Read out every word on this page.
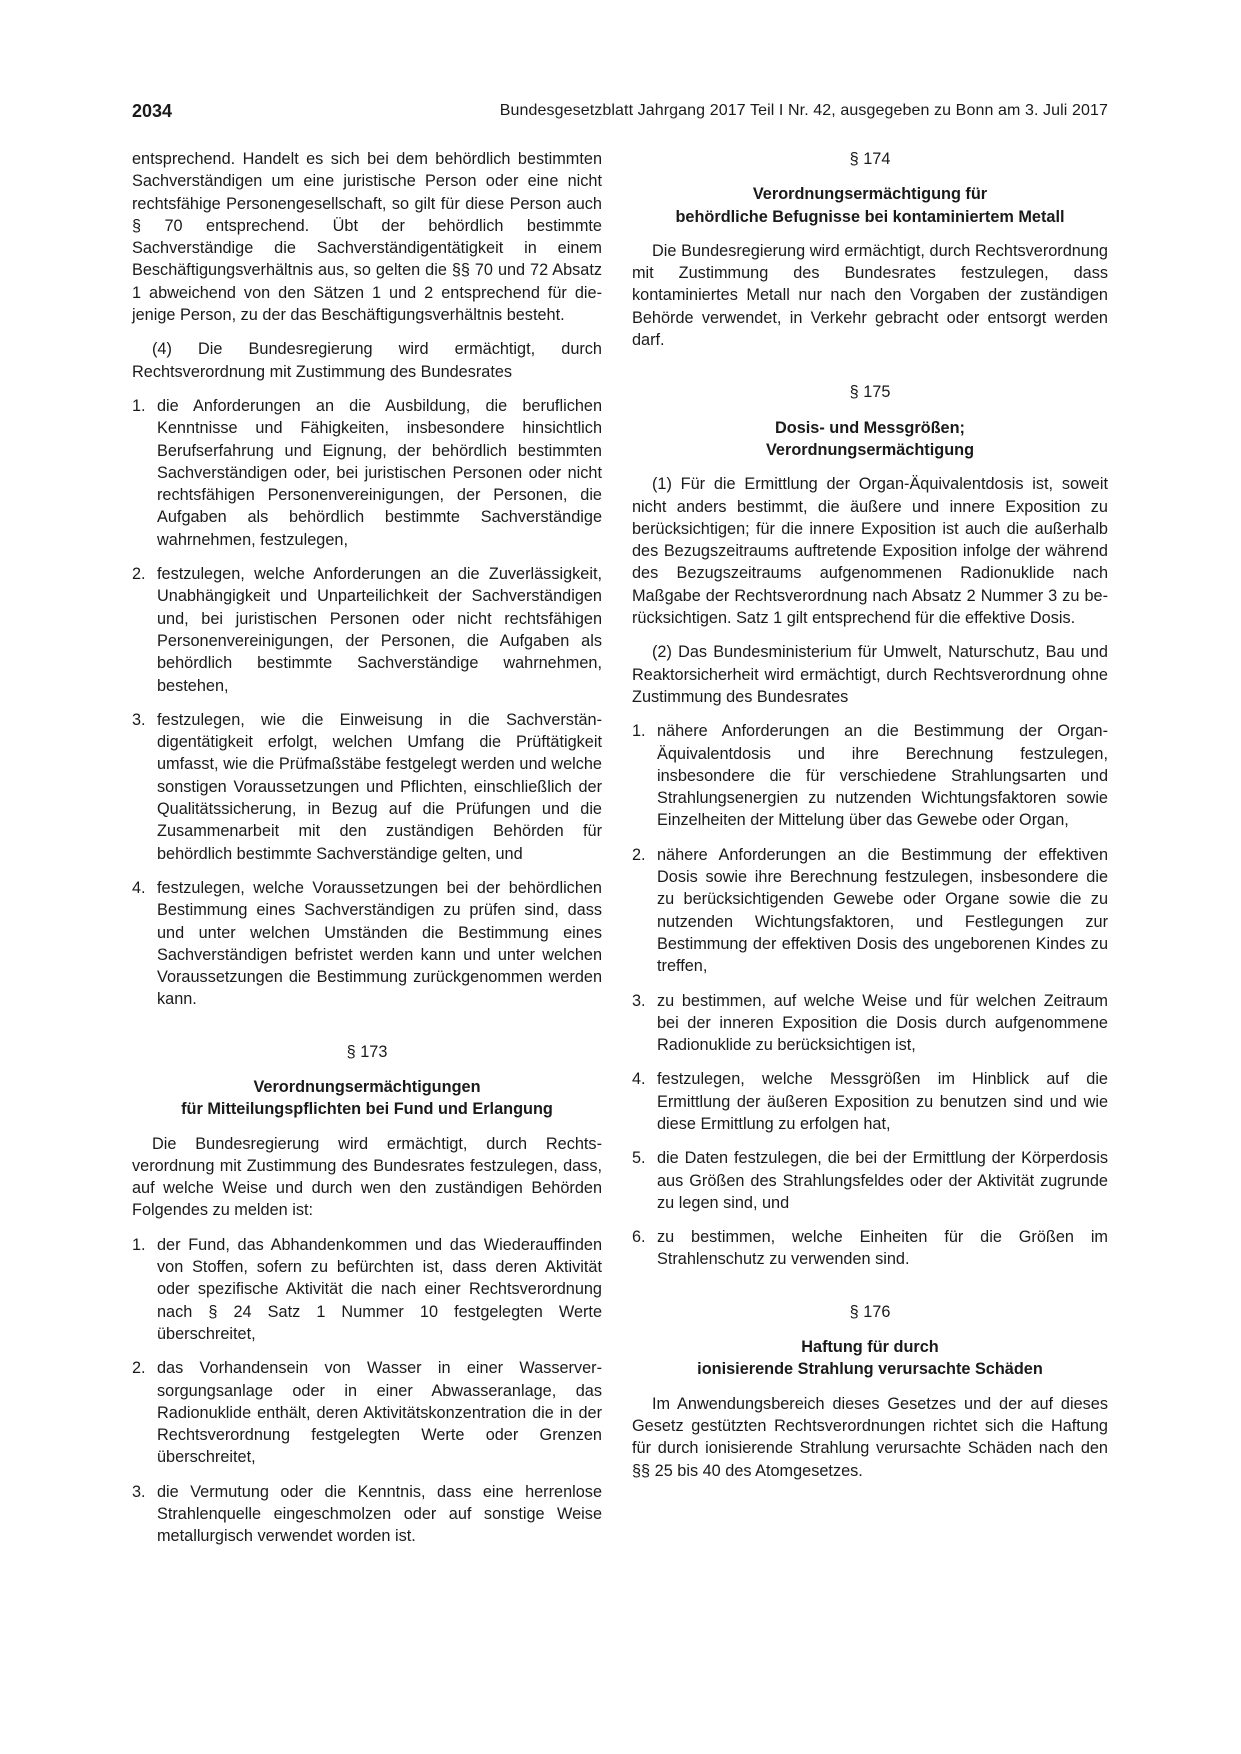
2034	Bundesgesetzblatt Jahrgang 2017 Teil I Nr. 42, ausgegeben zu Bonn am 3. Juli 2017

entsprechend. Handelt es sich bei dem behördlich bestimmten Sachverständigen um eine juristische Person oder eine nicht rechtsfähige Personengesellschaft, so gilt für diese Person auch § 70 entsprechend. Übt der behördlich bestimmte Sachverständige die Sachverständigentätigkeit in einem Beschäftigungsverhältnis aus, so gelten die §§ 70 und 72 Absatz 1 abweichend von den Sätzen 1 und 2 entsprechend für diejenige Person, zu der das Beschäftigungsverhältnis besteht.

(4) Die Bundesregierung wird ermächtigt, durch Rechtsverordnung mit Zustimmung des Bundesrates

1. die Anforderungen an die Ausbildung, die beruflichen Kenntnisse und Fähigkeiten, insbesondere hinsichtlich Berufserfahrung und Eignung, der behördlich bestimmten Sachverständigen oder, bei juristischen Personen oder nicht rechtsfähigen Personenvereinigungen, der Personen, die Aufgaben als behördlich bestimmte Sachverständige wahrnehmen, festzulegen,
2. festzulegen, welche Anforderungen an die Zuverlässigkeit, Unabhängigkeit und Unparteilichkeit der Sachverständigen und, bei juristischen Personen oder nicht rechtsfähigen Personenvereinigungen, der Personen, die Aufgaben als behördlich bestimmte Sachverständige wahrnehmen, bestehen,
3. festzulegen, wie die Einweisung in die Sachverständigentätigkeit erfolgt, welchen Umfang die Prüftätigkeit umfasst, wie die Prüfmaßstäbe festgelegt werden und welche sonstigen Voraussetzungen und Pflichten, einschließlich der Qualitätssicherung, in Bezug auf die Prüfungen und die Zusammenarbeit mit den zuständigen Behörden für behördlich bestimmte Sachverständige gelten, und
4. festzulegen, welche Voraussetzungen bei der behördlichen Bestimmung eines Sachverständigen zu prüfen sind, dass und unter welchen Umständen die Bestimmung eines Sachverständigen befristet werden kann und unter welchen Voraussetzungen die Bestimmung zurückgenommen werden kann.

§ 173

Verordnungsermächtigungen
für Mitteilungspflichten bei Fund und Erlangung

Die Bundesregierung wird ermächtigt, durch Rechtsverordnung mit Zustimmung des Bundesrates festzulegen, dass, auf welche Weise und durch wen den zuständigen Behörden Folgendes zu melden ist:

1. der Fund, das Abhandenkommen und das Wiederauffinden von Stoffen, sofern zu befürchten ist, dass deren Aktivität oder spezifische Aktivität die nach einer Rechtsverordnung nach § 24 Satz 1 Nummer 10 festgelegten Werte überschreitet,
2. das Vorhandensein von Wasser in einer Wasserversorgungsanlage oder in einer Abwasseranlage, das Radionuklide enthält, deren Aktivitätskonzentration die in der Rechtsverordnung festgelegten Werte oder Grenzen überschreitet,
3. die Vermutung oder die Kenntnis, dass eine herrenlose Strahlenquelle eingeschmolzen oder auf sonstige Weise metallurgisch verwendet worden ist.

§ 174

Verordnungsermächtigung für
behördliche Befugnisse bei kontaminiertem Metall

Die Bundesregierung wird ermächtigt, durch Rechtsverordnung mit Zustimmung des Bundesrates festzulegen, dass kontaminiertes Metall nur nach den Vorgaben der zuständigen Behörde verwendet, in Verkehr gebracht oder entsorgt werden darf.

§ 175

Dosis- und Messgrößen;
Verordnungsermächtigung

(1) Für die Ermittlung der Organ-Äquivalentdosis ist, soweit nicht anders bestimmt, die äußere und innere Exposition zu berücksichtigen; für die innere Exposition ist auch die außerhalb des Bezugszeitraums auftretende Exposition infolge der während des Bezugszeitraums aufgenommenen Radionuklide nach Maßgabe der Rechtsverordnung nach Absatz 2 Nummer 3 zu berücksichtigen. Satz 1 gilt entsprechend für die effektive Dosis.

(2) Das Bundesministerium für Umwelt, Naturschutz, Bau und Reaktorsicherheit wird ermächtigt, durch Rechtsverordnung ohne Zustimmung des Bundesrates

1. nähere Anforderungen an die Bestimmung der Organ-Äquivalentdosis und ihre Berechnung festzulegen, insbesondere die für verschiedene Strahlungsarten und Strahlungsenergien zu nutzenden Wichtungsfaktoren sowie Einzelheiten der Mittelung über das Gewebe oder Organ,
2. nähere Anforderungen an die Bestimmung der effektiven Dosis sowie ihre Berechnung festzulegen, insbesondere die zu berücksichtigenden Gewebe oder Organe sowie die zu nutzenden Wichtungsfaktoren, und Festlegungen zur Bestimmung der effektiven Dosis des ungeborenen Kindes zu treffen,
3. zu bestimmen, auf welche Weise und für welchen Zeitraum bei der inneren Exposition die Dosis durch aufgenommene Radionuklide zu berücksichtigen ist,
4. festzulegen, welche Messgrößen im Hinblick auf die Ermittlung der äußeren Exposition zu benutzen sind und wie diese Ermittlung zu erfolgen hat,
5. die Daten festzulegen, die bei der Ermittlung der Körperdosis aus Größen des Strahlungsfeldes oder der Aktivität zugrunde zu legen sind, und
6. zu bestimmen, welche Einheiten für die Größen im Strahlenschutz zu verwenden sind.

§ 176

Haftung für durch
ionisierende Strahlung verursachte Schäden

Im Anwendungsbereich dieses Gesetzes und der auf dieses Gesetz gestützten Rechtsverordnungen richtet sich die Haftung für durch ionisierende Strahlung verursachte Schäden nach den §§ 25 bis 40 des Atomgesetzes.
